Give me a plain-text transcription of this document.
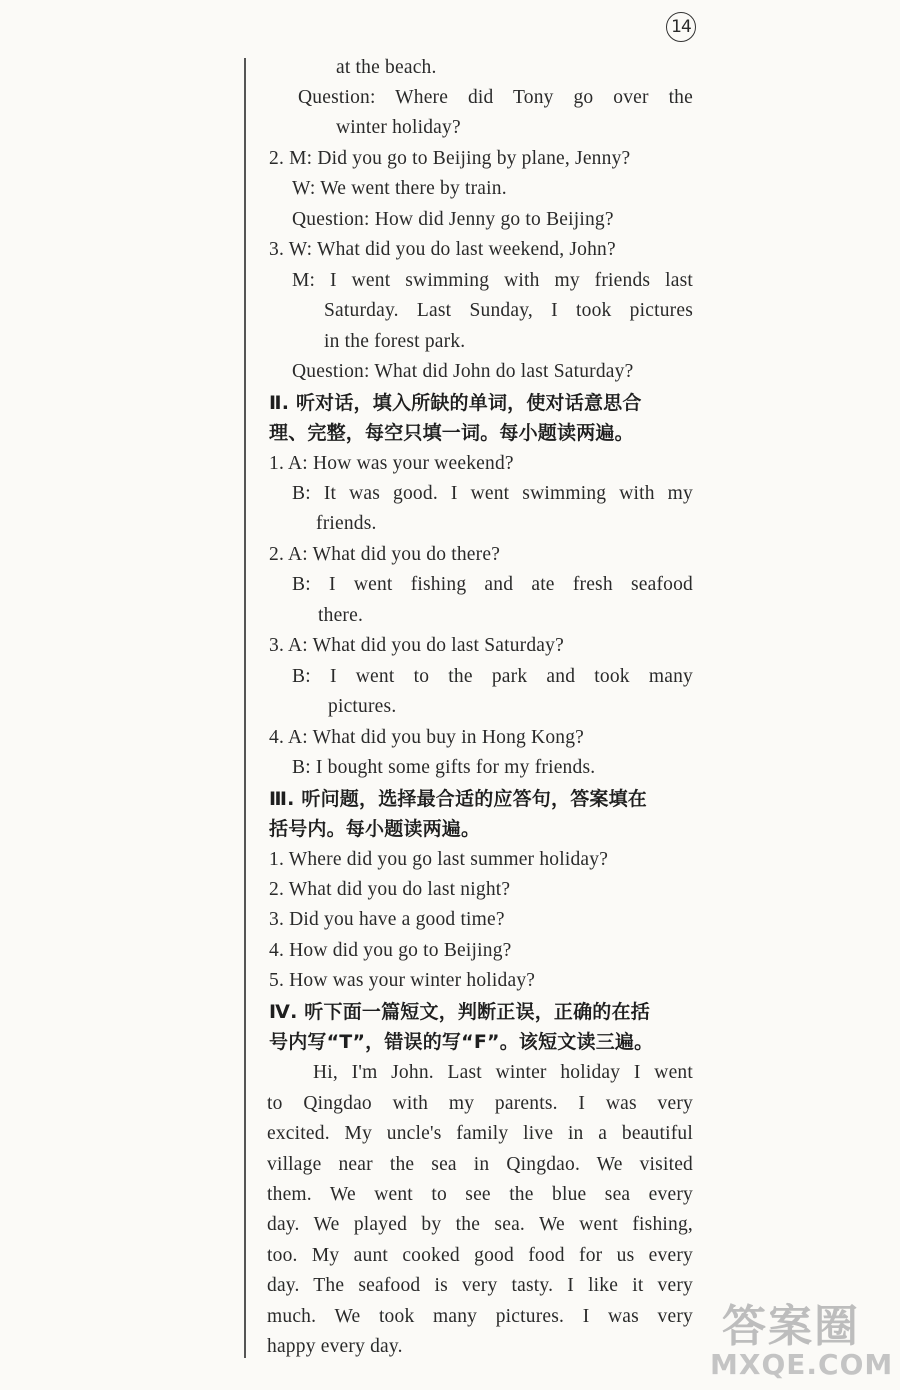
14
at the beach.
Question: Where did Tony go over the
winter holiday?
2. M: Did you go to Beijing by plane, Jenny?
W: We went there by train.
Question: How did Jenny go to Beijing?
3. W: What did you do last weekend, John?
M: I went swimming with my friends last
Saturday. Last Sunday, I took pictures
in the forest park.
Question: What did John do last Saturday?
Ⅱ. 听对话，填入所缺的单词，使对话意思合
理、完整，每空只填一词。每小题读两遍。
1. A: How was your weekend?
B: It was good. I went swimming with my
friends.
2. A: What did you do there?
B: I went fishing and ate fresh seafood
there.
3. A: What did you do last Saturday?
B: I went to the park and took many
pictures.
4. A: What did you buy in Hong Kong?
B: I bought some gifts for my friends.
Ⅲ. 听问题，选择最合适的应答句，答案填在
括号内。每小题读两遍。
1. Where did you go last summer holiday?
2. What did you do last night?
3. Did you have a good time?
4. How did you go to Beijing?
5. How was your winter holiday?
Ⅳ. 听下面一篇短文，判断正误，正确的在括
号内写“T”，错误的写“F”。该短文读三遍。
Hi, I'm John. Last winter holiday I went
to Qingdao with my parents. I was very
excited. My uncle's family live in a beautiful
village near the sea in Qingdao. We visited
them. We went to see the blue sea every
day. We played by the sea. We went fishing,
too. My aunt cooked good food for us every
day. The seafood is very tasty. I like it very
much. We took many pictures. I was very
happy every day.	答案圈
MXQE.COM
